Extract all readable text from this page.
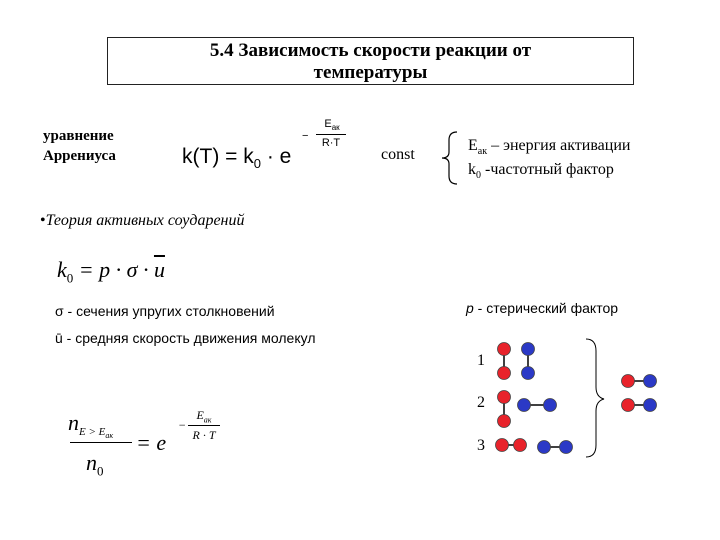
5.4 Зависимость скорости реакции от
температуры
уравнение
Аррениуса	$k(T) = k_0 \cdot e$
−
$E_{ак}$
R·T
const
$E_{ак}$ – энергия активации
$k_0$ -частотный фактор
•Теория активных соударений
$k_0 = p \cdot \sigma \cdot \overline{u}$
σ - сечения упругих столкновений
ū - средняя скорость движения молекул
p - стерический фактор
1
2
3
$n_{E > E_{ак}}$
$n_0$
= e
−
$E_{ак}$
R · T
